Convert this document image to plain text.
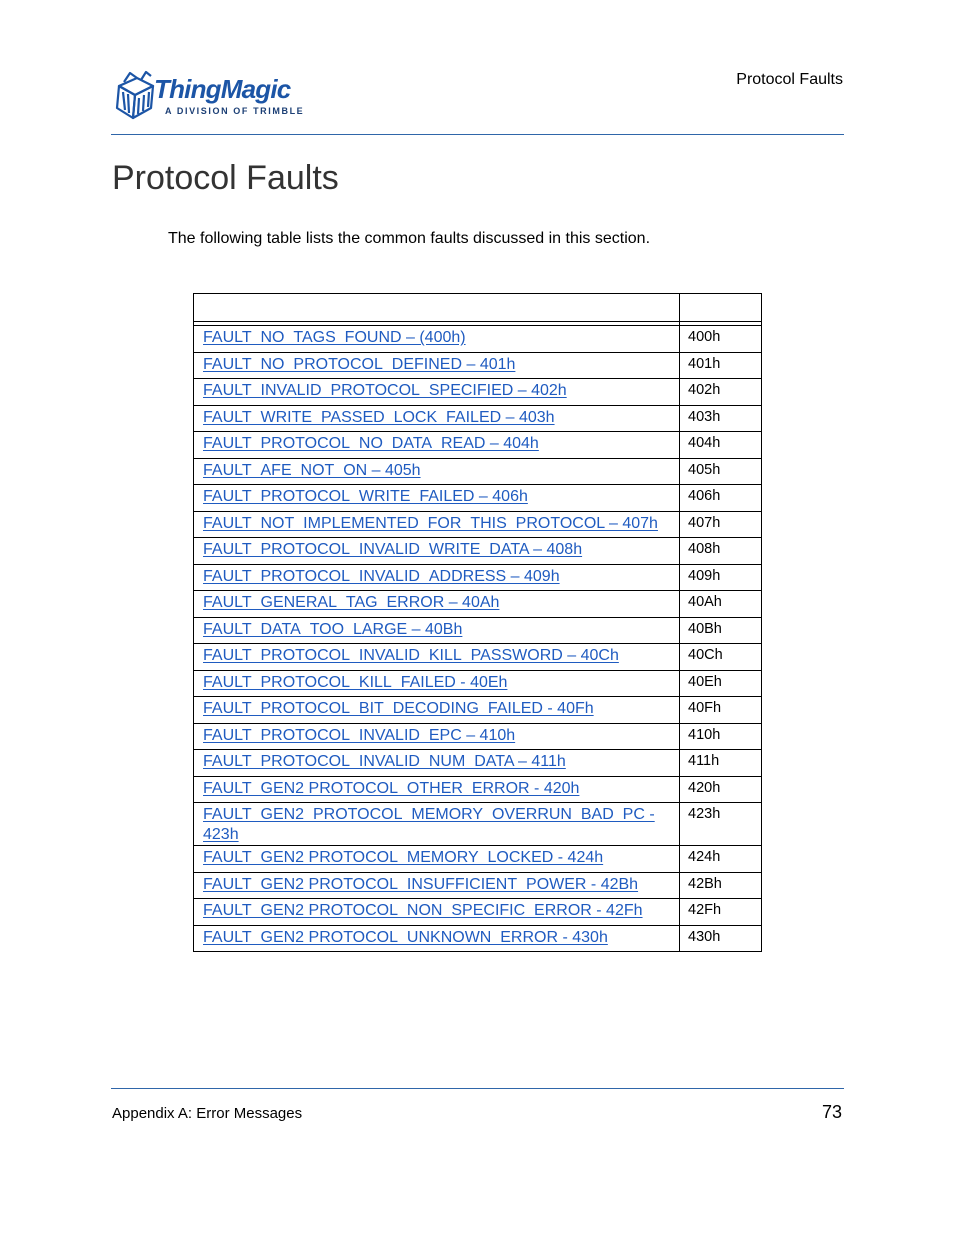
ThingMagic
A DIVISION OF TRIMBLE
Protocol Faults
Protocol Faults

The following table lists the common faults discussed in this section.

FAULT_NO_TAGS_FOUND – (400h)	400h
FAULT_NO_PROTOCOL_DEFINED – 401h	401h
FAULT_INVALID_PROTOCOL_SPECIFIED – 402h	402h
FAULT_WRITE_PASSED_LOCK_FAILED – 403h	403h
FAULT_PROTOCOL_NO_DATA_READ – 404h	404h
FAULT_AFE_NOT_ON – 405h	405h
FAULT_PROTOCOL_WRITE_FAILED – 406h	406h
FAULT_NOT_IMPLEMENTED_FOR_THIS_PROTOCOL – 407h	407h
FAULT_PROTOCOL_INVALID_WRITE_DATA – 408h	408h
FAULT_PROTOCOL_INVALID_ADDRESS – 409h	409h
FAULT_GENERAL_TAG_ERROR – 40Ah	40Ah
FAULT_DATA_TOO_LARGE – 40Bh	40Bh
FAULT_PROTOCOL_INVALID_KILL_PASSWORD – 40Ch	40Ch
FAULT_PROTOCOL_KILL_FAILED - 40Eh	40Eh
FAULT_PROTOCOL_BIT_DECODING_FAILED - 40Fh	40Fh
FAULT_PROTOCOL_INVALID_EPC – 410h	410h
FAULT_PROTOCOL_INVALID_NUM_DATA – 411h	411h
FAULT_GEN2 PROTOCOL_OTHER_ERROR - 420h	420h
FAULT_GEN2_PROTOCOL_MEMORY_OVERRUN_BAD_PC - 423h	423h
FAULT_GEN2 PROTOCOL_MEMORY_LOCKED - 424h	424h
FAULT_GEN2 PROTOCOL_INSUFFICIENT_POWER - 42Bh	42Bh
FAULT_GEN2 PROTOCOL_NON_SPECIFIC_ERROR - 42Fh	42Fh
FAULT_GEN2 PROTOCOL_UNKNOWN_ERROR - 430h	430h
Appendix A: Error Messages	73
